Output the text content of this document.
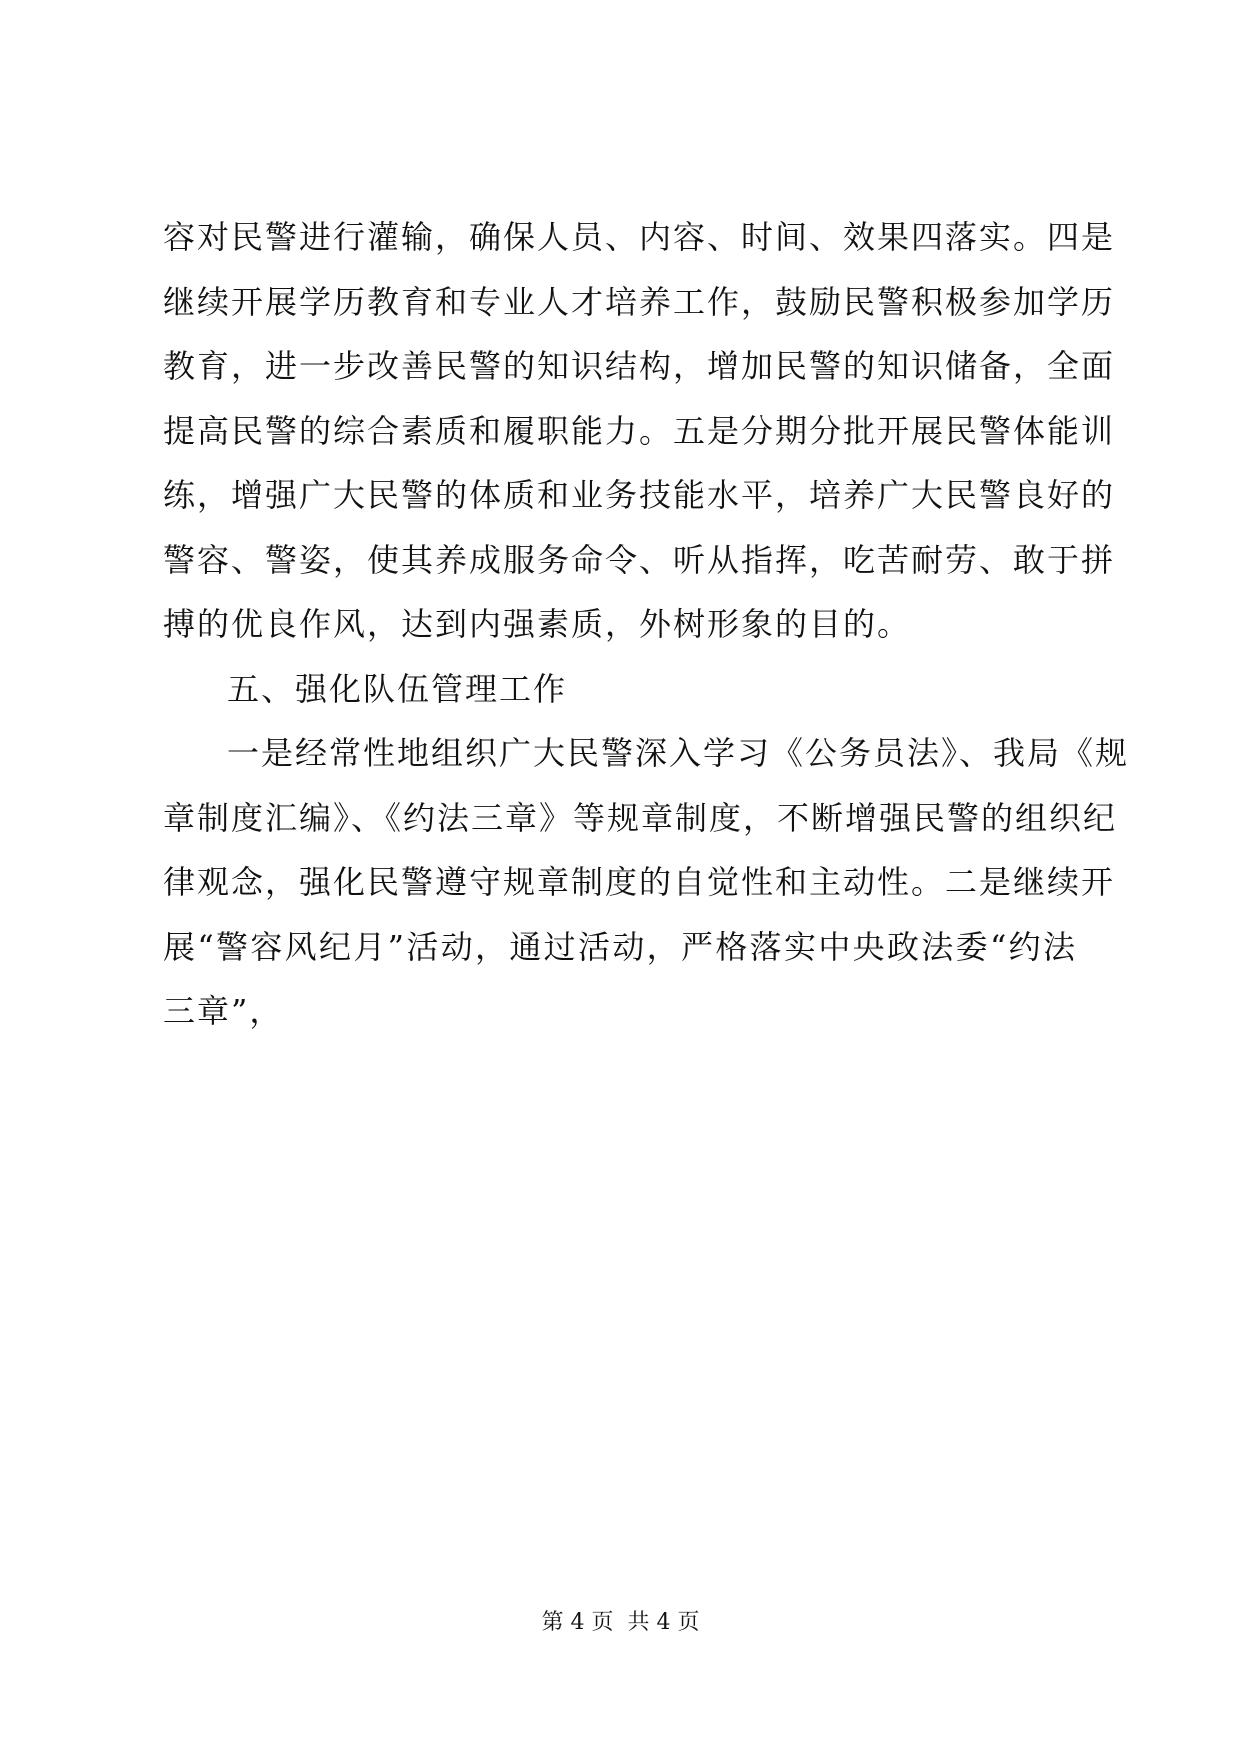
容对民警进行灌输，确保人员、内容、时间、效果四落实。四是
继续开展学历教育和专业人才培养工作，鼓励民警积极参加学历
教育，进一步改善民警的知识结构，增加民警的知识储备，全面
提高民警的综合素质和履职能力。五是分期分批开展民警体能训
练，增强广大民警的体质和业务技能水平，培养广大民警良好的
警容、警姿，使其养成服务命令、听从指挥，吃苦耐劳、敢于拼
搏的优良作风，达到内强素质，外树形象的目的。
五、强化队伍管理工作
一是经常性地组织广大民警深入学习《公务员法》、我局《规
章制度汇编》、《约法三章》等规章制度，不断增强民警的组织纪
律观念，强化民警遵守规章制度的自觉性和主动性。二是继续开
展“警容风纪月”活动，通过活动，严格落实中央政法委“约法
三章”，
第 4 页  共 4 页
